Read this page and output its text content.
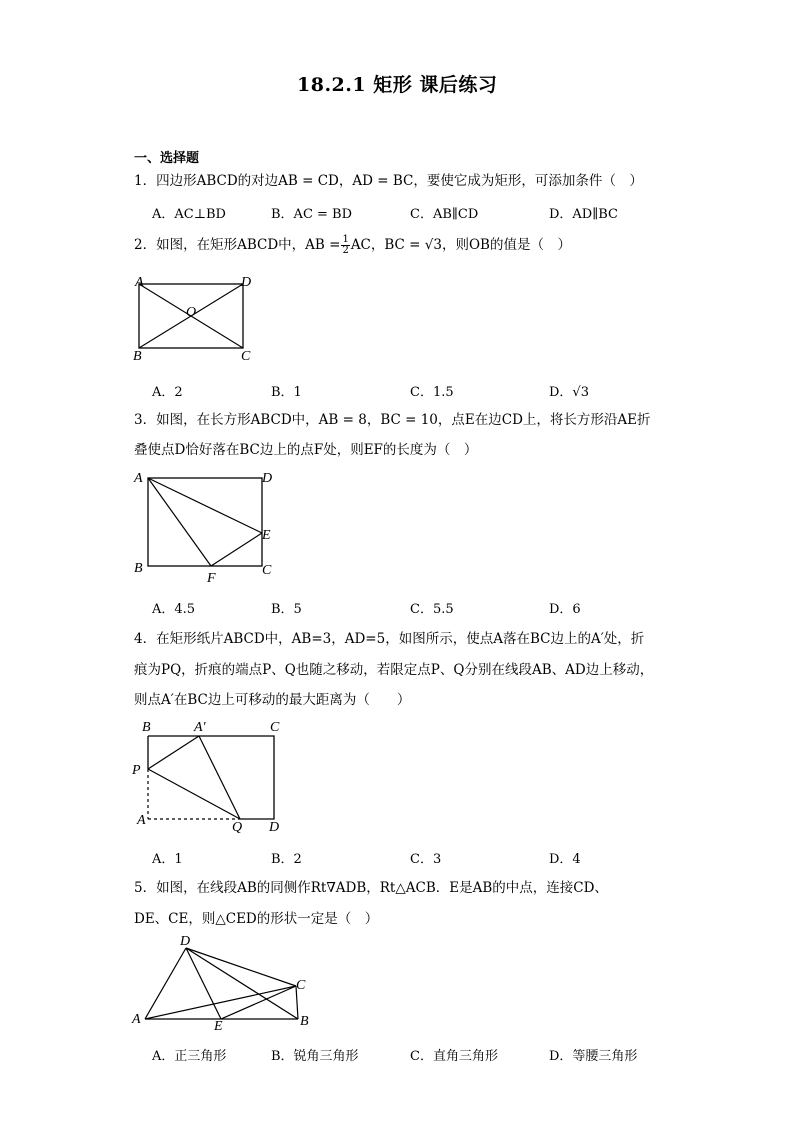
18.2.1 矩形 课后练习
一、选择题
1．四边形ABCD的对边AB = CD，AD = BC，要使它成为矩形，可添加条件（　）
A．AC⊥BD	B．AC = BD	C．AB∥CD	D．AD∥BC
2．如图，在矩形ABCD中，AB = $\frac{1}{2}$ AC，BC = √3，则OB的值是（　）
A	D
O
B	C
A．2	B．1	C．1.5	D．√3
3．如图，在长方形ABCD中，AB = 8，BC = 10，点E在边CD上，将长方形沿AE折
叠使点D恰好落在BC边上的点F处，则EF的长度为（　）
A	D
E
B
F
C
A．4.5	B．5	C．5.5	D．6
4．在矩形纸片ABCD中，AB=3，AD=5，如图所示，使点A落在BC边上的A′处，折
痕为PQ，折痕的端点P、Q也随之移动，若限定点P、Q分别在线段AB、AD边上移动，
则点A′在BC边上可移动的最大距离为（　　）
B	A′	C
P
A	Q D
A．1	B．2	C．3	D．4
5．如图，在线段AB的同侧作Rt∇ADB，Rt△ACB．E是AB的中点，连接CD、
DE、CE，则△CED的形状一定是（　）
D
C
A	E	B
A．正三角形	B．锐角三角形	C．直角三角形	D．等腰三角形
